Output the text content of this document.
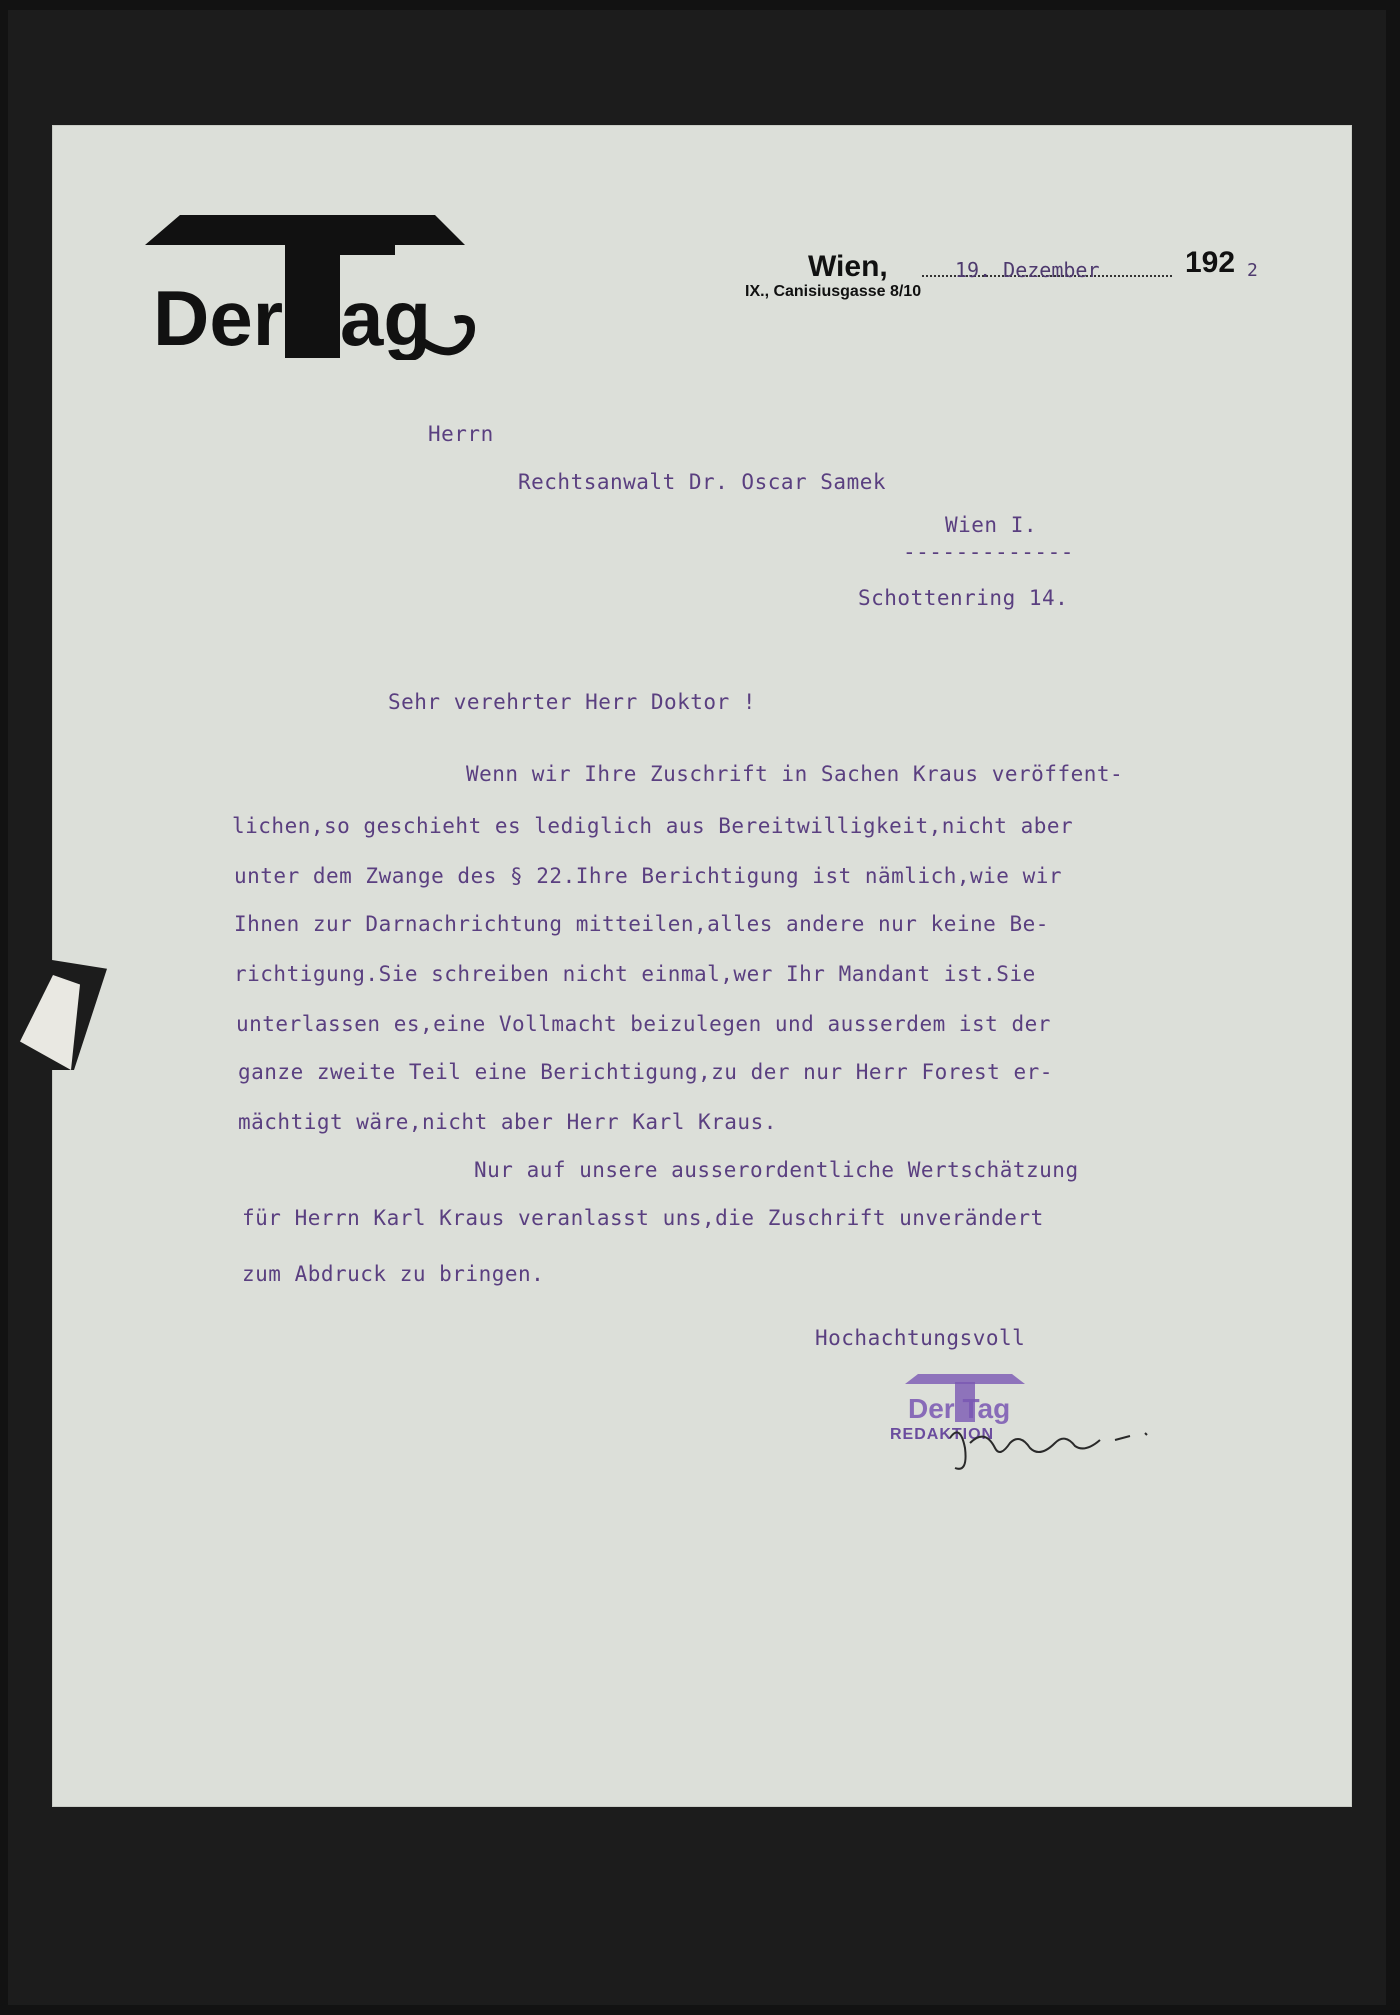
Der ag
Wien,
IX., Canisiusgasse 8/10
19. Dezember	192 2
Herrn
Rechtsanwalt Dr. Oscar Samek
Wien I.
-------------
Schottenring 14.
Sehr verehrter Herr Doktor !
Wenn wir Ihre Zuschrift in Sachen Kraus veröffent-
lichen,so geschieht es lediglich aus Bereitwilligkeit,nicht aber
unter dem Zwange des § 22.Ihre Berichtigung ist nämlich,wie wir
Ihnen zur Darnachrichtung mitteilen,alles andere nur keine Be-
richtigung.Sie schreiben nicht einmal,wer Ihr Mandant ist.Sie
unterlassen es,eine Vollmacht beizulegen und ausserdem ist der
ganze zweite Teil eine Berichtigung,zu der nur Herr Forest er-
mächtigt wäre,nicht aber Herr Karl Kraus.
Nur auf unsere ausserordentliche Wertschätzung
für Herrn Karl Kraus veranlasst uns,die Zuschrift unverändert
zum Abdruck zu bringen.
Hochachtungsvoll
Der Tag
REDAKTION
